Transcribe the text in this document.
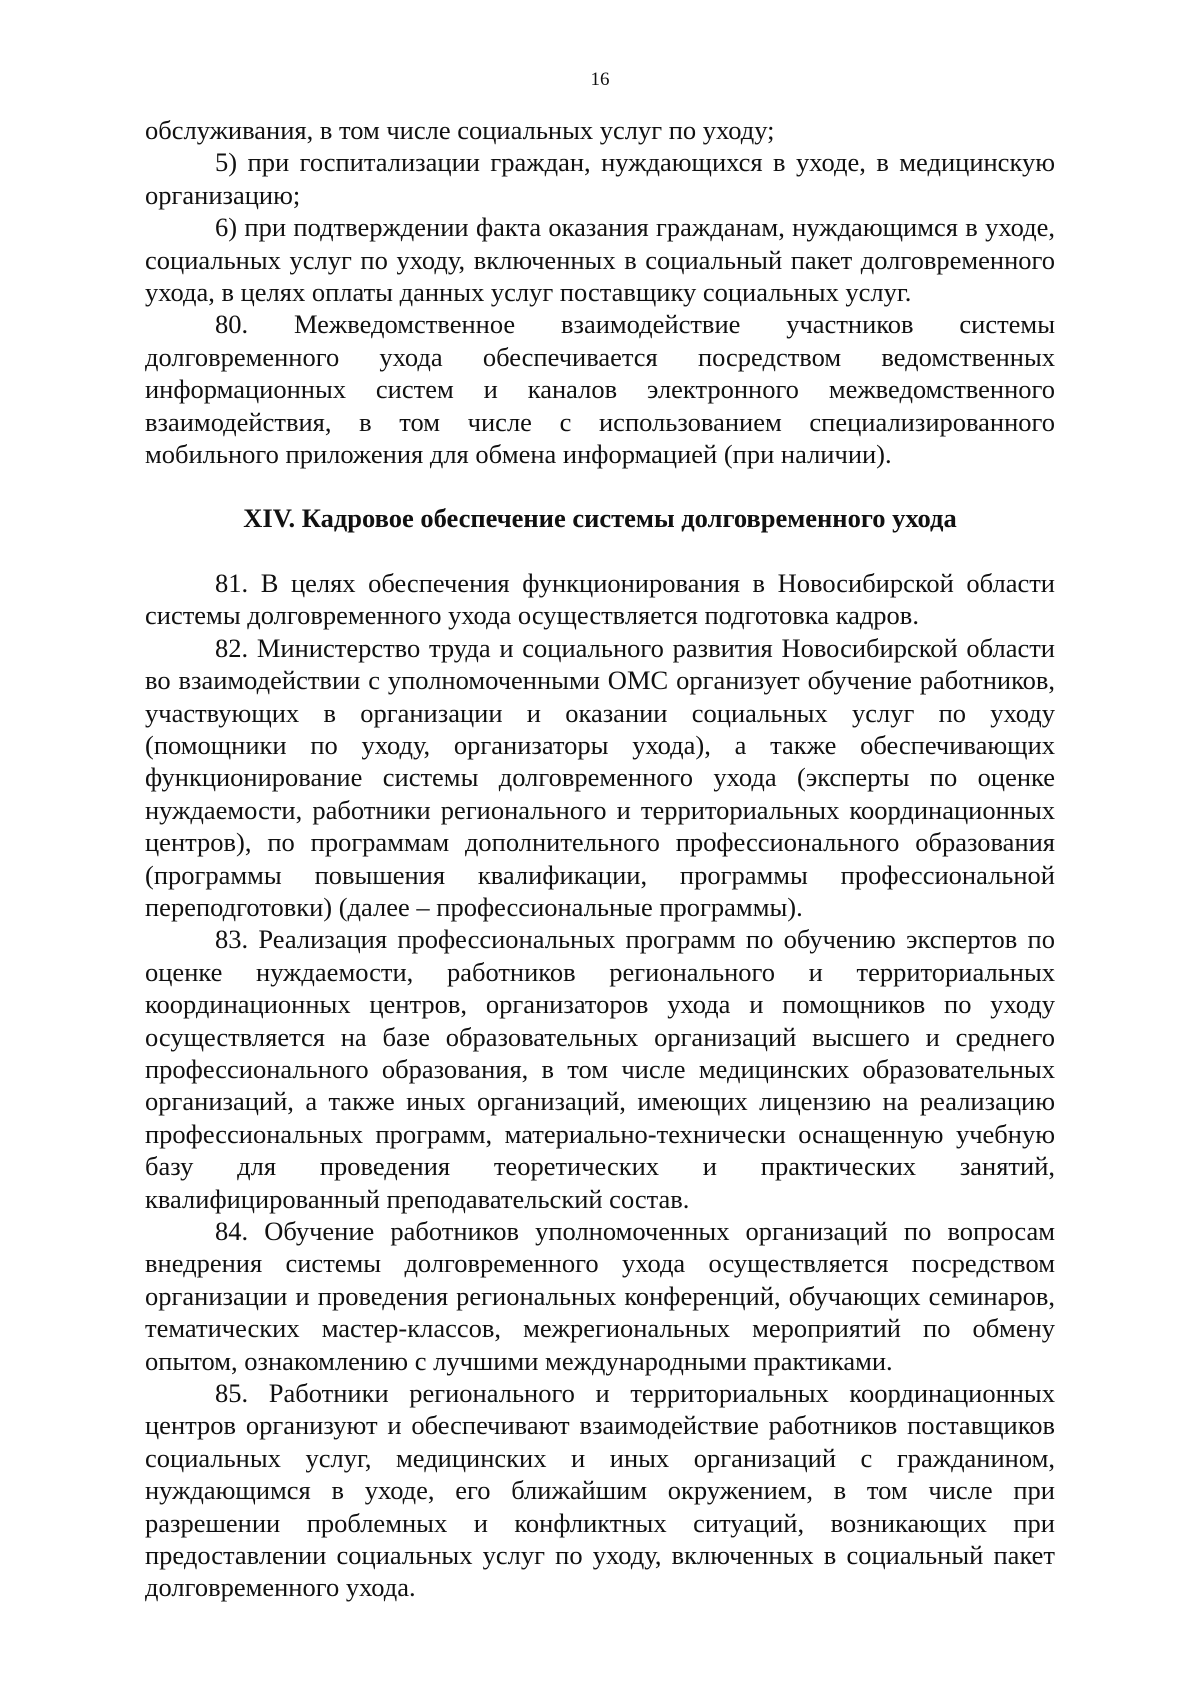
16

обслуживания, в том числе социальных услуг по уходу;

5) при госпитализации граждан, нуждающихся в уходе, в медицинскую организацию;

6) при подтверждении факта оказания гражданам, нуждающимся в уходе, социальных услуг по уходу, включенных в социальный пакет долговременного ухода, в целях оплаты данных услуг поставщику социальных услуг.

80. Межведомственное взаимодействие участников системы долговременного ухода обеспечивается посредством ведомственных информационных систем и каналов электронного межведомственного взаимодействия, в том числе с использованием специализированного мобильного приложения для обмена информацией (при наличии).

XIV. Кадровое обеспечение системы долговременного ухода

81. В целях обеспечения функционирования в Новосибирской области системы долговременного ухода осуществляется подготовка кадров.

82. Министерство труда и социального развития Новосибирской области во взаимодействии с уполномоченными ОМС организует обучение работников, участвующих в организации и оказании социальных услуг по уходу (помощники по уходу, организаторы ухода), а также обеспечивающих функционирование системы долговременного ухода (эксперты по оценке нуждаемости, работники регионального и территориальных координационных центров), по программам дополнительного профессионального образования (программы повышения квалификации, программы профессиональной переподготовки) (далее – профессиональные программы).

83. Реализация профессиональных программ по обучению экспертов по оценке нуждаемости, работников регионального и территориальных координационных центров, организаторов ухода и помощников по уходу осуществляется на базе образовательных организаций высшего и среднего профессионального образования, в том числе медицинских образовательных организаций, а также иных организаций, имеющих лицензию на реализацию профессиональных программ, материально-технически оснащенную учебную базу для проведения теоретических и практических занятий, квалифицированный преподавательский состав.

84. Обучение работников уполномоченных организаций по вопросам внедрения системы долговременного ухода осуществляется посредством организации и проведения региональных конференций, обучающих семинаров, тематических мастер-классов, межрегиональных мероприятий по обмену опытом, ознакомлению с лучшими международными практиками.

85. Работники регионального и территориальных координационных центров организуют и обеспечивают взаимодействие работников поставщиков социальных услуг, медицинских и иных организаций с гражданином, нуждающимся в уходе, его ближайшим окружением, в том числе при разрешении проблемных и конфликтных ситуаций, возникающих при предоставлении социальных услуг по уходу, включенных в социальный пакет долговременного ухода.
